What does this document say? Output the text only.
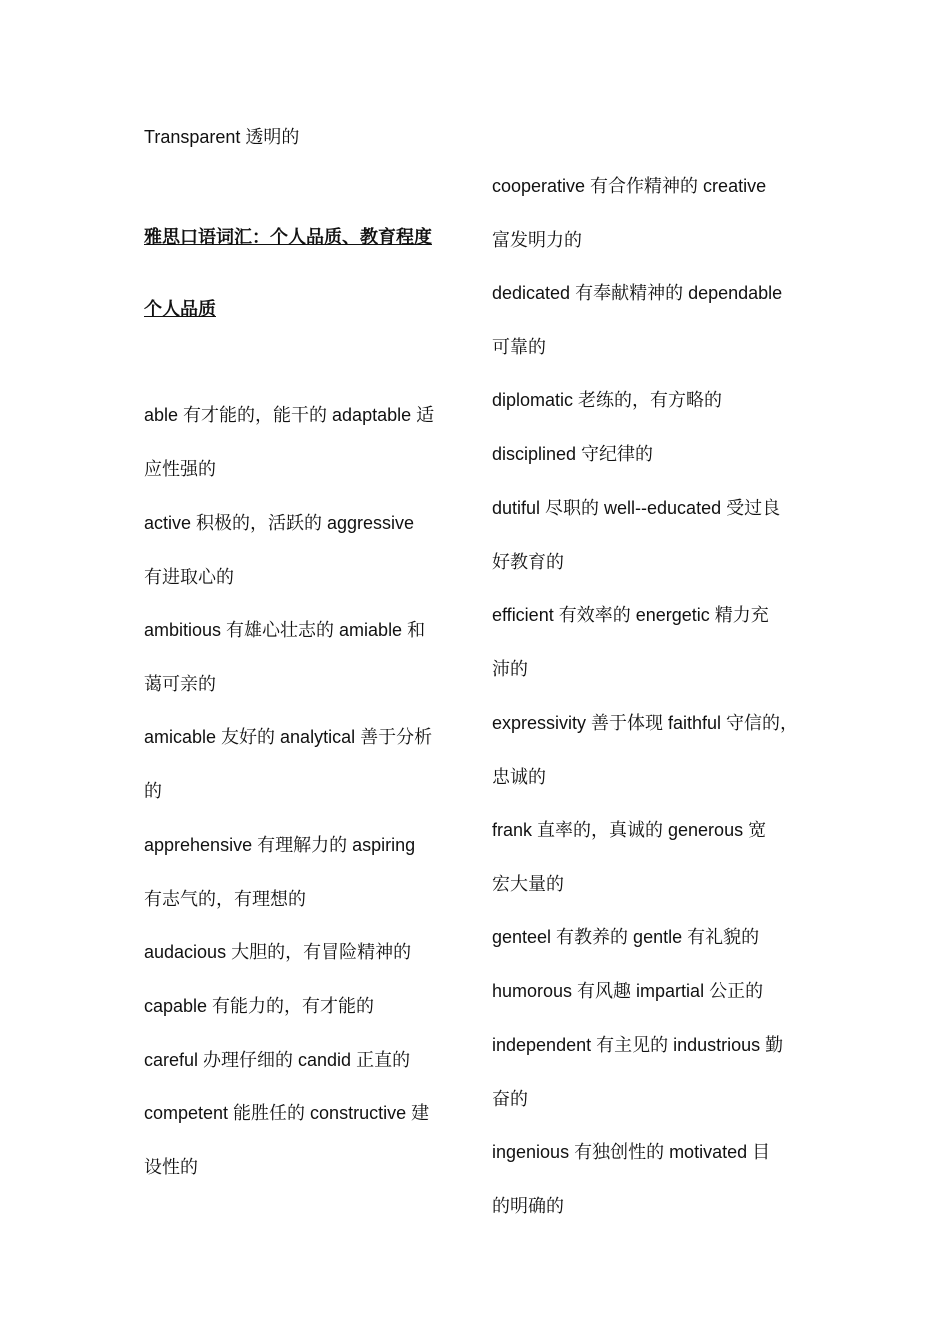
Transparent 透明的
雅思口语词汇：个人品质、教育程度
个人品质
able 有才能的，能干的 adaptable 适
应性强的
active 积极的，活跃的 aggressive
有进取心的
ambitious 有雄心壮志的 amiable 和
蔼可亲的
amicable 友好的 analytical 善于分析
的
apprehensive 有理解力的 aspiring
有志气的，有理想的
audacious 大胆的，有冒险精神的
capable 有能力的，有才能的
careful 办理仔细的 candid 正直的
competent 能胜任的 constructive 建
设性的
cooperative 有合作精神的 creative
富发明力的
dedicated 有奉献精神的 dependable
可靠的
diplomatic 老练的，有方略的
disciplined 守纪律的
dutiful 尽职的 well--educated 受过良
好教育的
efficient 有效率的 energetic 精力充
沛的
expressivity 善于体现 faithful 守信的，
忠诚的
frank 直率的，真诚的 generous 宽
宏大量的
genteel 有教养的 gentle 有礼貌的
humorous 有风趣 impartial 公正的
independent 有主见的 industrious 勤
奋的
ingenious 有独创性的 motivated 目
的明确的
